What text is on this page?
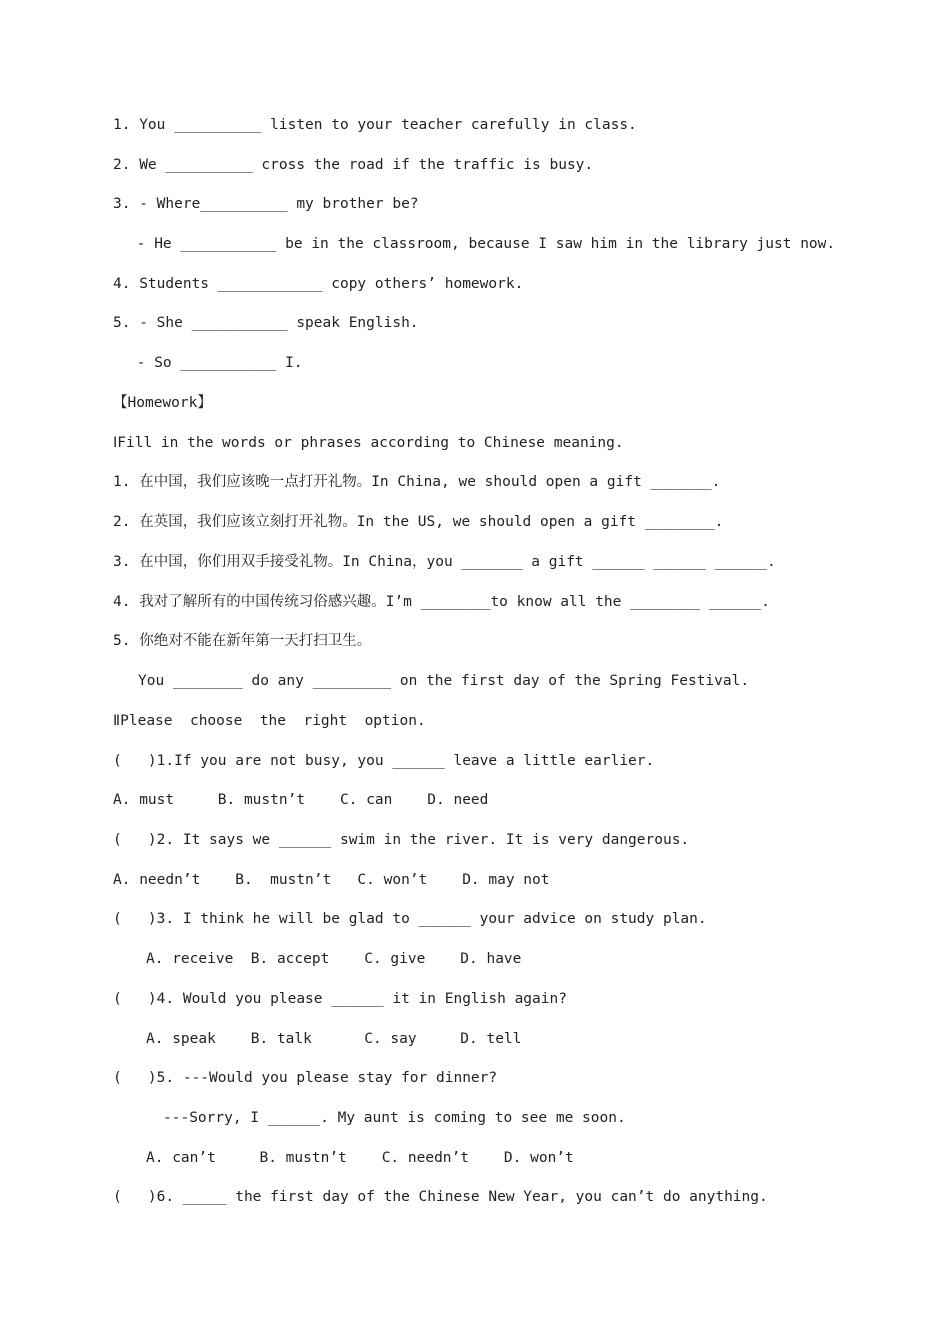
1. You __________ listen to your teacher carefully in class.
2. We __________ cross the road if the traffic is busy.
3. - Where__________ my brother be?
- He ___________ be in the classroom, because I saw him in the library just now.
4. Students ____________ copy others’ homework.
5. - She ___________ speak English.
- So ___________ I.
【Homework】
ⅠFill in the words or phrases according to Chinese meaning.
1. 在中国，我们应该晚一点打开礼物。In China, we should open a gift _______.
2. 在英国，我们应该立刻打开礼物。In the US, we should open a gift ________.
3. 在中国，你们用双手接受礼物。In China，you _______ a gift ______ ______ ______.
4. 我对了解所有的中国传统习俗感兴趣。I’m ________to know all the ________ ______.
5. 你绝对不能在新年第一天打扫卫生。
You ________ do any _________ on the first day of the Spring Festival.
ⅡPlease  choose  the  right  option.
(   )1.If you are not busy, you ______ leave a little earlier.
A. must     B. mustn’t    C. can    D. need
(   )2. It says we ______ swim in the river. It is very dangerous.
A. needn’t    B.  mustn’t   C. won’t    D. may not
(   )3. I think he will be glad to ______ your advice on study plan.
A. receive  B. accept    C. give    D. have
(   )4. Would you please ______ it in English again?
A. speak    B. talk      C. say     D. tell
(   )5. ---Would you please stay for dinner?
---Sorry, I ______. My aunt is coming to see me soon.
A. can’t     B. mustn’t    C. needn’t    D. won’t
(   )6. _____ the first day of the Chinese New Year, you can’t do anything.
